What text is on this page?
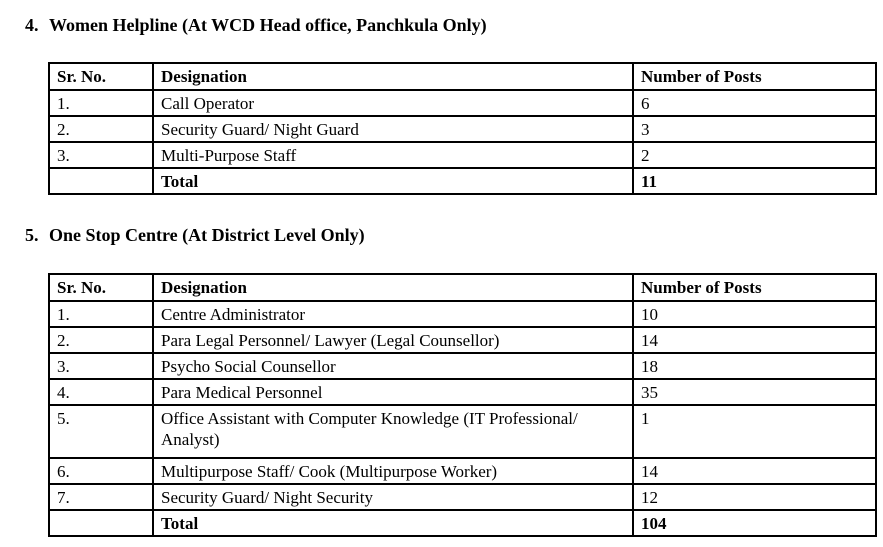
4. Women Helpline (At WCD Head office, Panchkula Only)
Sr. No.	Designation	Number of Posts
1.	Call Operator	6
2.	Security Guard/ Night Guard	3
3.	Multi-Purpose Staff	2
	Total	11
5. One Stop Centre (At District Level Only)
Sr. No.	Designation	Number of Posts
1.	Centre Administrator	10
2.	Para Legal Personnel/ Lawyer (Legal Counsellor)	14
3.	Psycho Social Counsellor	18
4.	Para Medical Personnel	35
5.	Office Assistant with Computer Knowledge (IT Professional/ Analyst)	1
6.	Multipurpose Staff/ Cook (Multipurpose Worker)	14
7.	Security Guard/ Night Security	12
	Total	104
